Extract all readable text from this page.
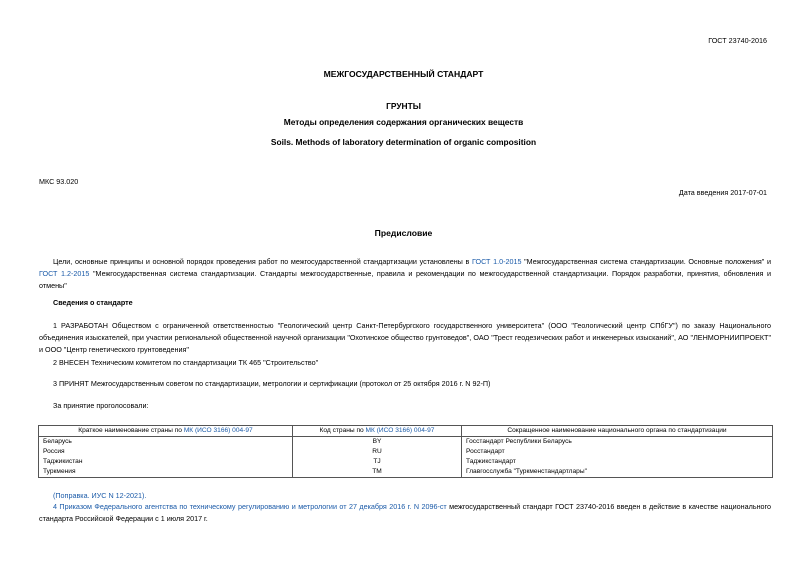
ГОСТ 23740-2016
МЕЖГОСУДАРСТВЕННЫЙ СТАНДАРТ
ГРУНТЫ
Методы определения содержания органических веществ
Soils. Methods of laboratory determination of organic composition
МКС 93.020
Дата введения 2017-07-01
Предисловие
Цели, основные принципы и основной порядок проведения работ по межгосударственной стандартизации установлены в ГОСТ 1.0-2015 "Межгосударственная система стандартизации. Основные положения" и ГОСТ 1.2-2015 "Межгосударственная система стандартизации. Стандарты межгосударственные, правила и рекомендации по межгосударственной стандартизации. Порядок разработки, принятия, обновления и отмены"
Сведения о стандарте
1 РАЗРАБОТАН Обществом с ограниченной ответственностью "Геологический центр Санкт-Петербургского государственного университета" (ООО "Геологический центр СПбГУ") по заказу Национального объединения изыскателей, при участии региональной общественной научной организации "Охотинское общество грунтоведов", ОАО "Трест геодезических работ и инженерных изысканий", АО "ЛЕНМОРНИИПРОЕКТ" и ООО "Центр генетического грунтоведения"
2 ВНЕСЕН Техническим комитетом по стандартизации ТК 465 "Строительство"
3 ПРИНЯТ Межгосударственным советом по стандартизации, метрологии и сертификации (протокол от 25 октября 2016 г. N 92-П)
За принятие проголосовали:
Краткое наименование страны по МК (ИСО 3166) 004-97	Код страны по МК (ИСО 3166) 004-97	Сокращенное наименование национального органа по стандартизации
Беларусь	BY	Госстандарт Республики Беларусь
Россия	RU	Росстандарт
Таджикистан	TJ	Таджикстандарт
Туркмения	TM	Главгосслужба "Туркменстандартлары"
(Поправка. ИУС N 12-2021).
4 Приказом Федерального агентства по техническому регулированию и метрологии от 27 декабря 2016 г. N 2096-ст межгосударственный стандарт ГОСТ 23740-2016 введен в действие в качестве национального стандарта Российской Федерации с 1 июля 2017 г.
